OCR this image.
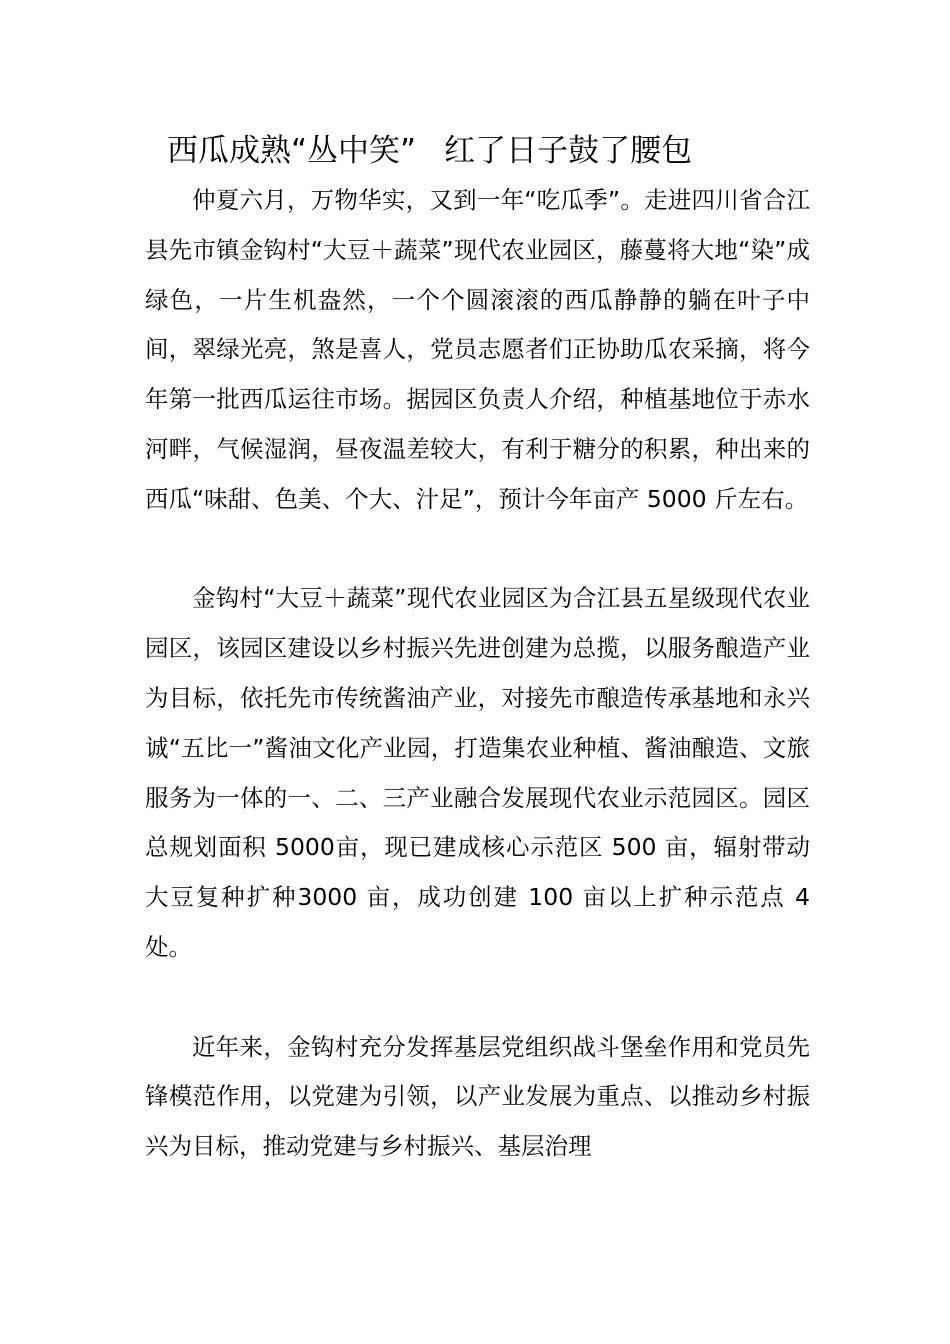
西瓜成熟“丛中笑” 红了日子鼓了腰包

仲夏六月，万物华实，又到一年“吃瓜季”。走进四川省合江县先市镇金钩村“大豆＋蔬菜”现代农业园区，藤蔓将大地“染”成绿色，一片生机盎然，一个个圆滚滚的西瓜静静的躺在叶子中间，翠绿光亮，煞是喜人，党员志愿者们正协助瓜农采摘，将今年第一批西瓜运往市场。据园区负责人介绍，种植基地位于赤水河畔，气候湿润，昼夜温差较大，有利于糖分的积累，种出来的西瓜“味甜、色美、个大、汁足”，预计今年亩产 5000 斤左右。

金钩村“大豆＋蔬菜”现代农业园区为合江县五星级现代农业园区，该园区建设以乡村振兴先进创建为总揽，以服务酿造产业为目标，依托先市传统酱油产业，对接先市酿造传承基地和永兴诚“五比一”酱油文化产业园，打造集农业种植、酱油酿造、文旅服务为一体的一、二、三产业融合发展现代农业示范园区。园区总规划面积 5000亩，现已建成核心示范区 500 亩，辐射带动大豆复种扩种3000 亩，成功创建 100 亩以上扩种示范点 4 处。

近年来，金钩村充分发挥基层党组织战斗堡垒作用和党员先锋模范作用，以党建为引领，以产业发展为重点、以推动乡村振兴为目标，推动党建与乡村振兴、基层治理
